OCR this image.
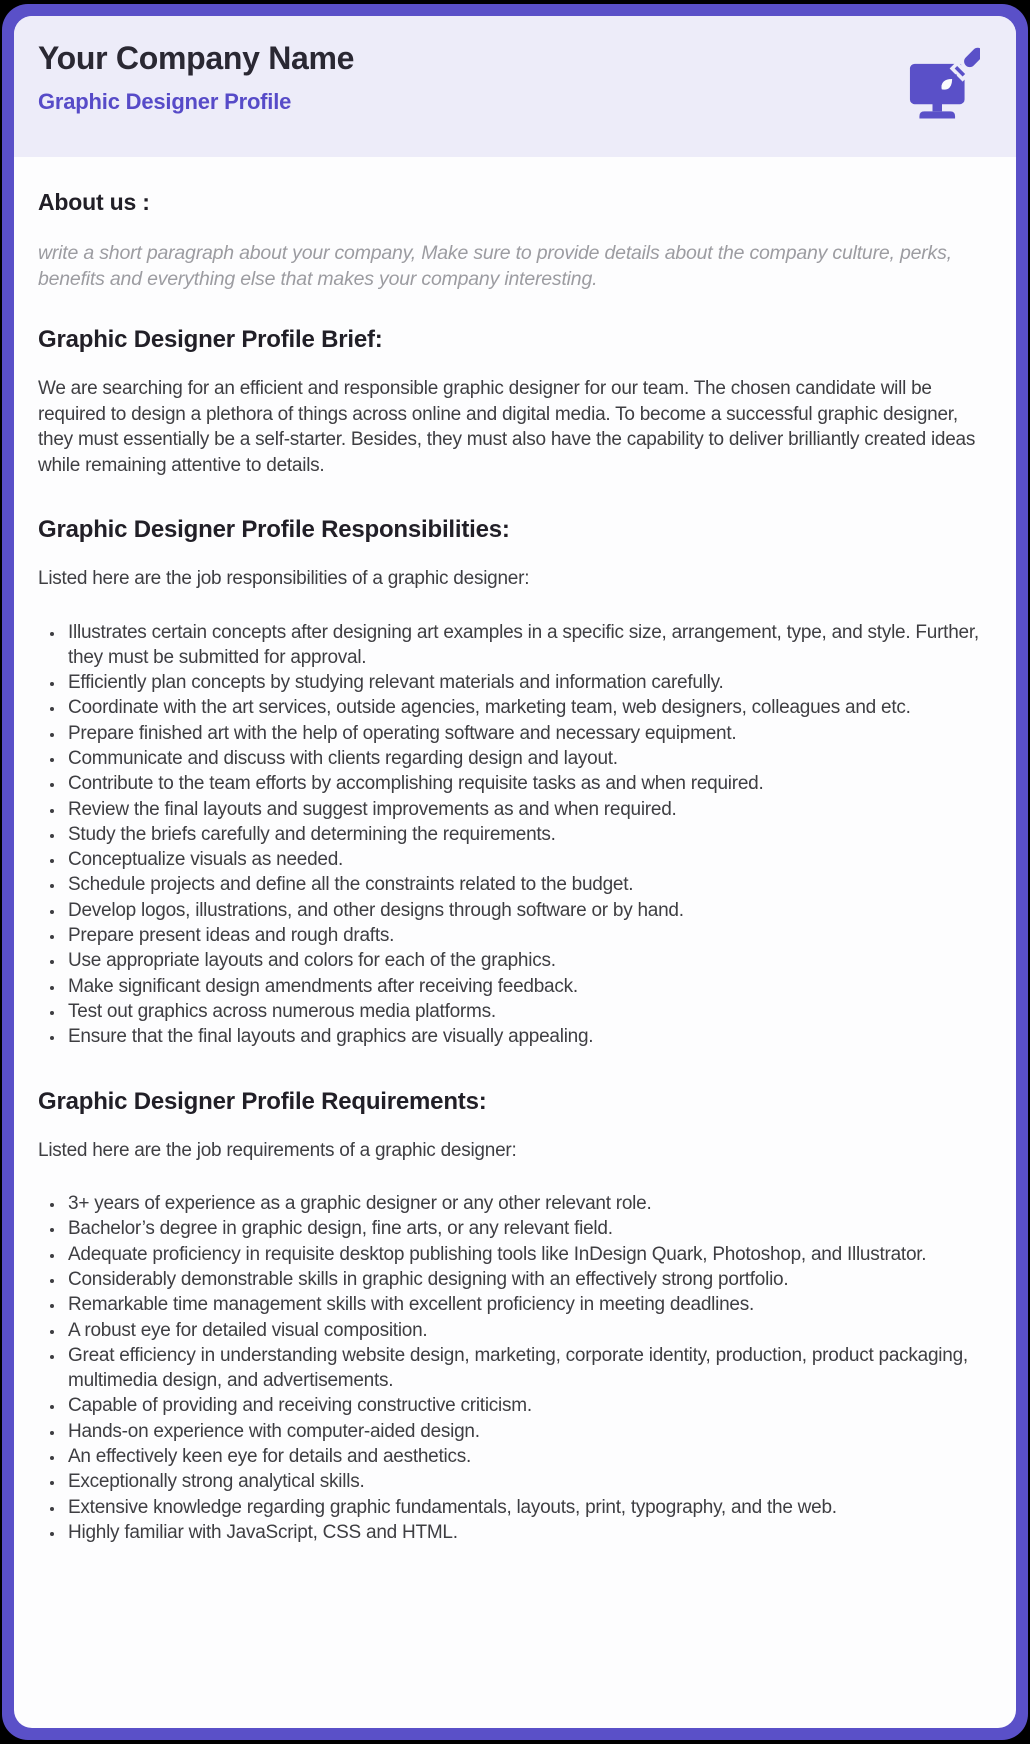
Your Company Name
Graphic Designer Profile
About us :

write a short paragraph about your company, Make sure to provide details about the company culture, perks, benefits and everything else that makes your company interesting.

Graphic Designer Profile Brief:

We are searching for an efficient and responsible graphic designer for our team. The chosen candidate will be required to design a plethora of things across online and digital media. To become a successful graphic designer, they must essentially be a self-starter. Besides, they must also have the capability to deliver brilliantly created ideas while remaining attentive to details.

Graphic Designer Profile Responsibilities:

Listed here are the job responsibilities of a graphic designer:

• Illustrates certain concepts after designing art examples in a specific size, arrangement, type, and style. Further, they must be submitted for approval.
• Efficiently plan concepts by studying relevant materials and information carefully.
• Coordinate with the art services, outside agencies, marketing team, web designers, colleagues and etc.
• Prepare finished art with the help of operating software and necessary equipment.
• Communicate and discuss with clients regarding design and layout.
• Contribute to the team efforts by accomplishing requisite tasks as and when required.
• Review the final layouts and suggest improvements as and when required.
• Study the briefs carefully and determining the requirements.
• Conceptualize visuals as needed.
• Schedule projects and define all the constraints related to the budget.
• Develop logos, illustrations, and other designs through software or by hand.
• Prepare present ideas and rough drafts.
• Use appropriate layouts and colors for each of the graphics.
• Make significant design amendments after receiving feedback.
• Test out graphics across numerous media platforms.
• Ensure that the final layouts and graphics are visually appealing.
Graphic Designer Profile Requirements:

Listed here are the job requirements of a graphic designer:

• 3+ years of experience as a graphic designer or any other relevant role.
• Bachelor’s degree in graphic design, fine arts, or any relevant field.
• Adequate proficiency in requisite desktop publishing tools like InDesign Quark, Photoshop, and Illustrator.
• Considerably demonstrable skills in graphic designing with an effectively strong portfolio.
• Remarkable time management skills with excellent proficiency in meeting deadlines.
• A robust eye for detailed visual composition.
• Great efficiency in understanding website design, marketing, corporate identity, production, product packaging, multimedia design, and advertisements.
• Capable of providing and receiving constructive criticism.
• Hands-on experience with computer-aided design.
• An effectively keen eye for details and aesthetics.
• Exceptionally strong analytical skills.
• Extensive knowledge regarding graphic fundamentals, layouts, print, typography, and the web.
• Highly familiar with JavaScript, CSS and HTML.
